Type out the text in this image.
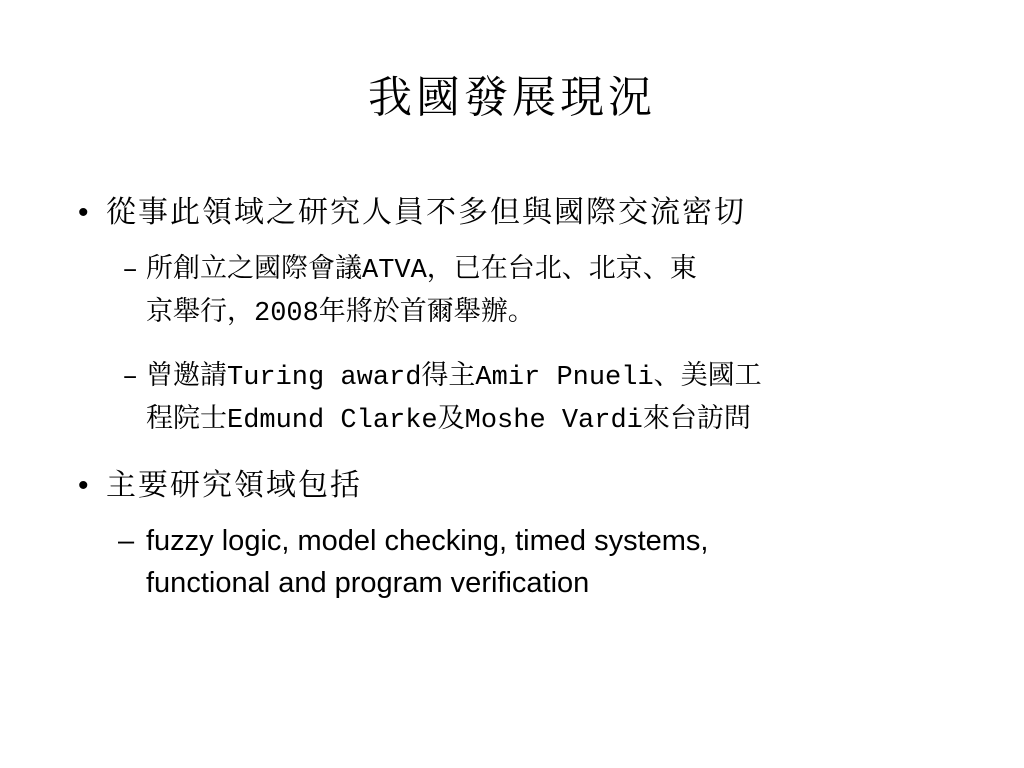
我國發展現況
• 從事此領域之研究人員不多但與國際交流密切
– 所創立之國際會議ATVA，已在台北、北京、東
京舉行，2008年將於首爾舉辦。
– 曾邀請Turing award得主Amir Pnueli、美國工
程院士Edmund Clarke及Moshe Vardi來台訪問
• 主要研究領域包括
– fuzzy logic, model checking, timed systems,
functional and program verification
